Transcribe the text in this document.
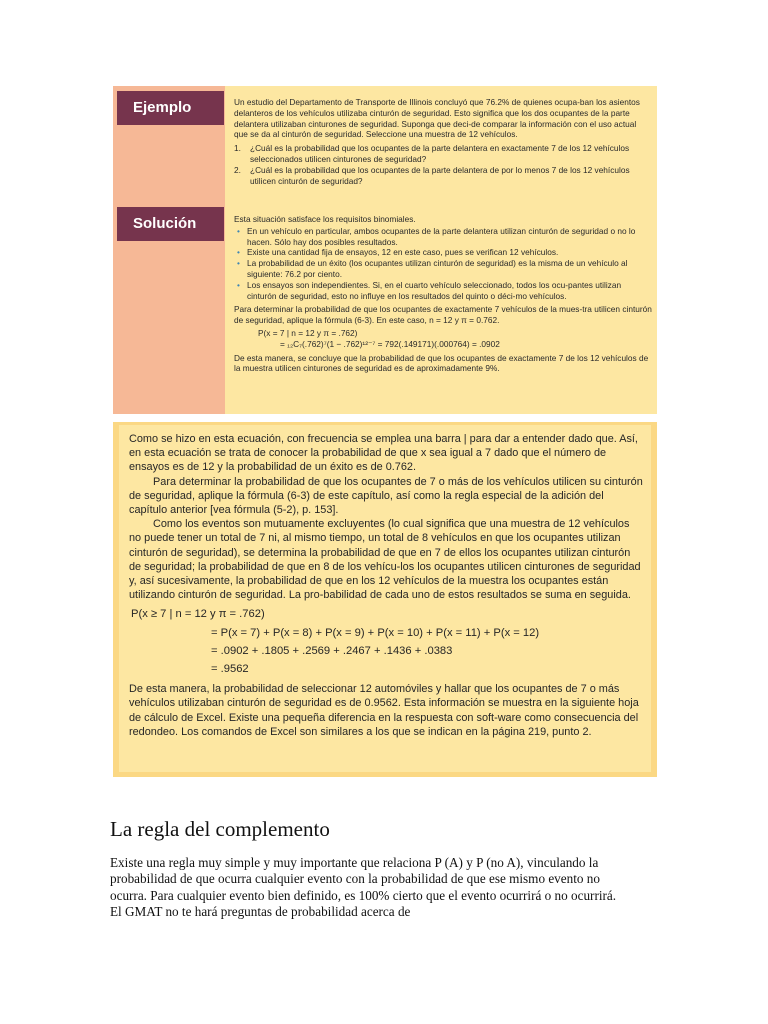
Ejemplo
Solución

Un estudio del Departamento de Transporte de Illinois concluyó que 76.2% de quienes ocupa-ban los asientos delanteros de los vehículos utilizaba cinturón de seguridad. Esto significa que los dos ocupantes de la parte delantera utilizaban cinturones de seguridad. Suponga que deci-de comparar la información con el uso actual que se da al cinturón de seguridad. Seleccione una muestra de 12 vehículos.

1.	¿Cuál es la probabilidad que los ocupantes de la parte delantera en exactamente 7 de los 12 vehículos seleccionados utilicen cinturones de seguridad?
2.	¿Cuál es la probabilidad que los ocupantes de la parte delantera de por lo menos 7 de los 12 vehículos utilicen cinturón de seguridad?

Esta situación satisface los requisitos binomiales.

• En un vehículo en particular, ambos ocupantes de la parte delantera utilizan cinturón de seguridad o no lo hacen. Sólo hay dos posibles resultados.
• Existe una cantidad fija de ensayos, 12 en este caso, pues se verifican 12 vehículos.
• La probabilidad de un éxito (los ocupantes utilizan cinturón de seguridad) es la misma de un vehículo al siguiente: 76.2 por ciento.
• Los ensayos son independientes. Si, en el cuarto vehículo seleccionado, todos los ocu-pantes utilizan cinturón de seguridad, esto no influye en los resultados del quinto o déci-mo vehículos.

Para determinar la probabilidad de que los ocupantes de exactamente 7 vehículos de la mues-tra utilicen cinturón de seguridad, aplique la fórmula (6-3). En este caso, n = 12 y π = 0.762.

P(x = 7 | n = 12 y π = .762)

= ₁₂C₇(.762)⁷(1 − .762)¹²⁻⁷ = 792(.149171)(.000764) = .0902

De esta manera, se concluye que la probabilidad de que los ocupantes de exactamente 7 de los 12 vehículos de la muestra utilicen cinturones de seguridad es de aproximadamente 9%.

Como se hizo en esta ecuación, con frecuencia se emplea una barra | para dar a entender dado que. Así, en esta ecuación se trata de conocer la probabilidad de que x sea igual a 7 dado que el número de ensayos es de 12 y la probabilidad de un éxito es de 0.762.

Para determinar la probabilidad de que los ocupantes de 7 o más de los vehículos utilicen su cinturón de seguridad, aplique la fórmula (6-3) de este capítulo, así como la regla especial de la adición del capítulo anterior [vea fórmula (5-2), p. 153].

Como los eventos son mutuamente excluyentes (lo cual significa que una muestra de 12 vehículos no puede tener un total de 7 ni, al mismo tiempo, un total de 8 vehículos en que los ocupantes utilizan cinturón de seguridad), se determina la probabilidad de que en 7 de ellos los ocupantes utilizan cinturón de seguridad; la probabilidad de que en 8 de los vehícu-los los ocupantes utilicen cinturones de seguridad y, así sucesivamente, la probabilidad de que en los 12 vehículos de la muestra los ocupantes están utilizando cinturón de seguridad. La pro-babilidad de cada uno de estos resultados se suma en seguida.

P(x ≥ 7 | n = 12 y π = .762)
= P(x = 7) + P(x = 8) + P(x = 9) + P(x = 10) + P(x = 11) + P(x = 12)
= .0902 + .1805 + .2569 + .2467 + .1436 + .0383
= .9562

De esta manera, la probabilidad de seleccionar 12 automóviles y hallar que los ocupantes de 7 o más vehículos utilizaban cinturón de seguridad es de 0.9562. Esta información se muestra en la siguiente hoja de cálculo de Excel. Existe una pequeña diferencia en la respuesta con soft-ware como consecuencia del redondeo. Los comandos de Excel son similares a los que se indican en la página 219, punto 2.

La regla del complemento
Existe una regla muy simple y muy importante que relaciona P (A) y P (no A), vinculando la probabilidad de que ocurra cualquier evento con la probabilidad de que ese mismo evento no ocurra. Para cualquier evento bien definido, es 100% cierto que el evento ocurrirá o no ocurrirá. El GMAT no te hará preguntas de probabilidad acerca de
